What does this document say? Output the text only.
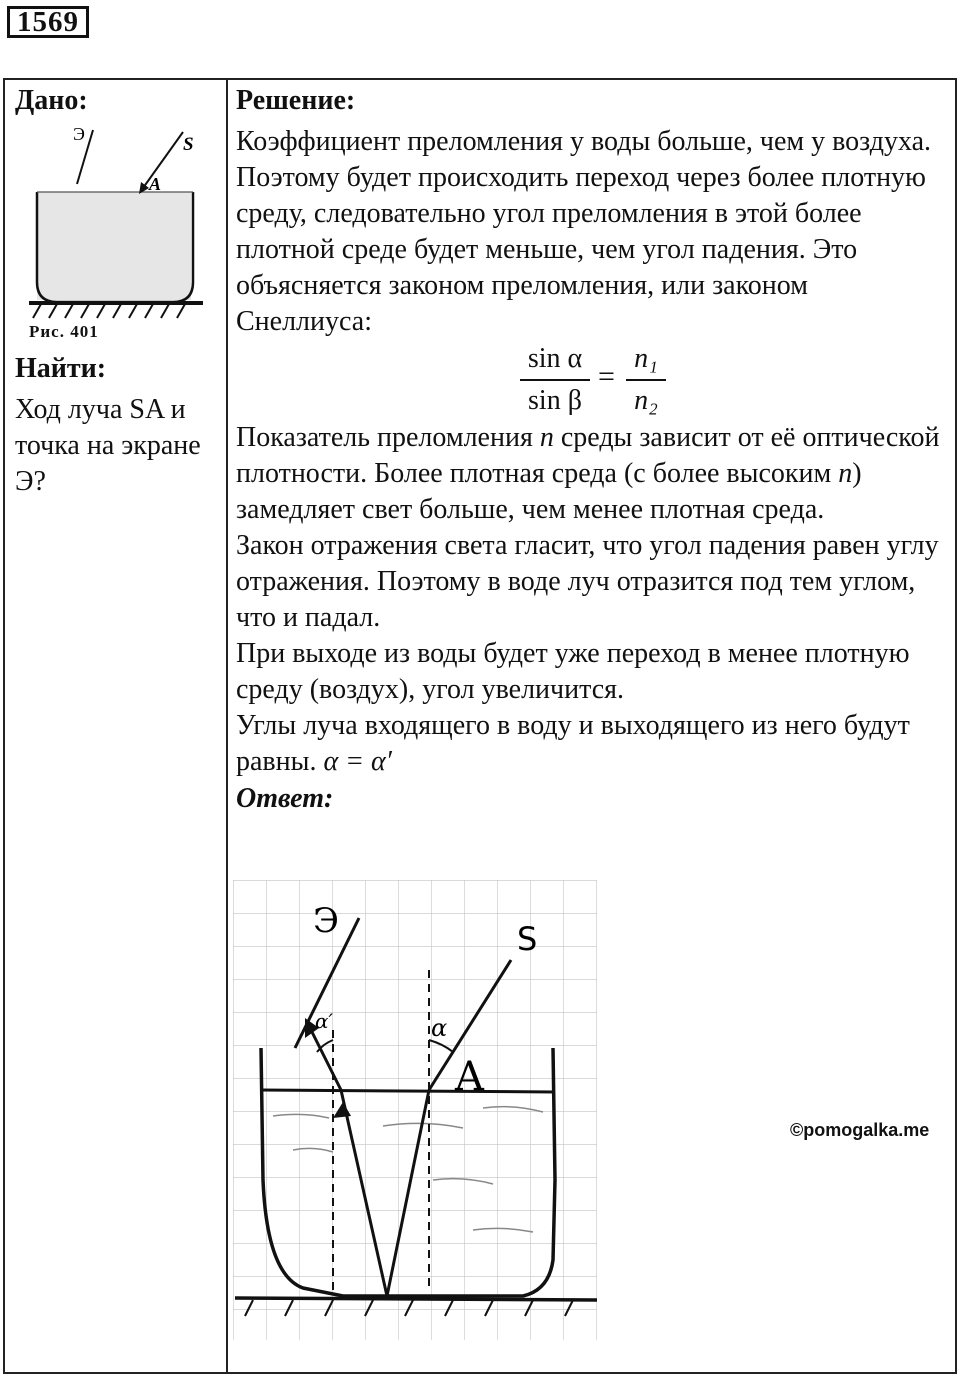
1569

Дано:

Э	S
A

Рис. 401

Найти:

Ход луча SA и точка на экране Э?

Решение:

Коэффициент преломления у воды больше, чем у воздуха.

Поэтому будет происходить переход через более плотную среду, следовательно угол преломления в этой более плотной среде будет меньше, чем угол падения. Это объясняется законом преломления, или законом Снеллиуса:

sin α
sin β
=
n₁
n₂

Показатель преломления n среды зависит от её оптической плотности. Более плотная среда (с более высоким n) замедляет свет больше, чем менее плотная среда.

Закон отражения света гласит, что угол падения равен углу отражения. Поэтому в воде луч отразится под тем углом, что и падал.

При выходе из воды будет уже переход в менее плотную среду (воздух), угол увеличится.

Углы луча входящего в воду и выходящего из него будут равны. α = α′

Ответ:

Э	S
A
α
α′
©pomogalka.me
